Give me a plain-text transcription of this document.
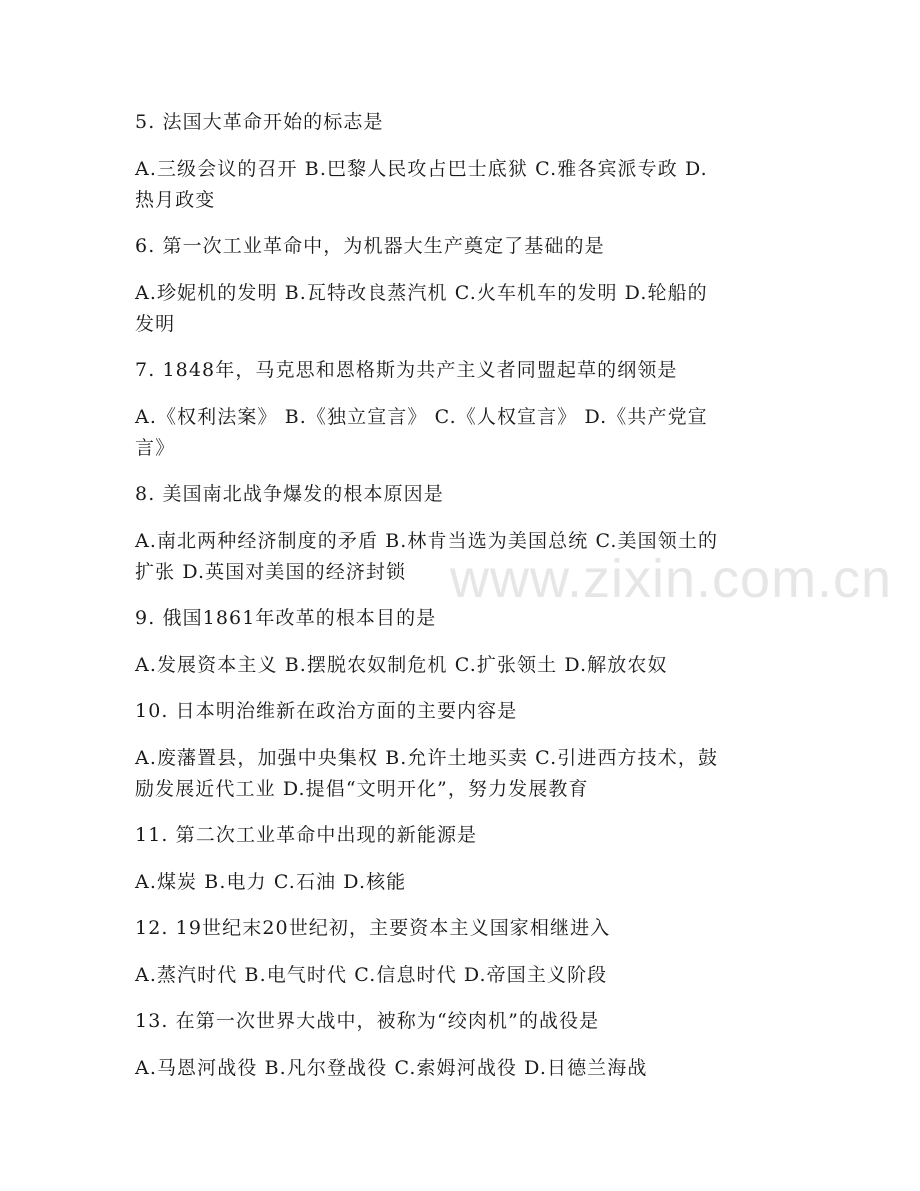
www.zixin.com.cn
5. 法国大革命开始的标志是
A.三级会议的召开 B.巴黎人民攻占巴士底狱 C.雅各宾派专政 D.
热月政变
6. 第一次工业革命中，为机器大生产奠定了基础的是
A.珍妮机的发明 B.瓦特改良蒸汽机 C.火车机车的发明 D.轮船的
发明
7. 1848年，马克思和恩格斯为共产主义者同盟起草的纲领是
A.《权利法案》 B.《独立宣言》 C.《人权宣言》 D.《共产党宣
言》
8. 美国南北战争爆发的根本原因是
A.南北两种经济制度的矛盾 B.林肯当选为美国总统 C.美国领土的
扩张 D.英国对美国的经济封锁
9. 俄国1861年改革的根本目的是
A.发展资本主义 B.摆脱农奴制危机 C.扩张领土 D.解放农奴
10. 日本明治维新在政治方面的主要内容是
A.废藩置县，加强中央集权 B.允许土地买卖 C.引进西方技术，鼓
励发展近代工业 D.提倡“文明开化”，努力发展教育
11. 第二次工业革命中出现的新能源是
A.煤炭 B.电力 C.石油 D.核能
12. 19世纪末20世纪初，主要资本主义国家相继进入
A.蒸汽时代 B.电气时代 C.信息时代 D.帝国主义阶段
13. 在第一次世界大战中，被称为“绞肉机”的战役是
A.马恩河战役 B.凡尔登战役 C.索姆河战役 D.日德兰海战
